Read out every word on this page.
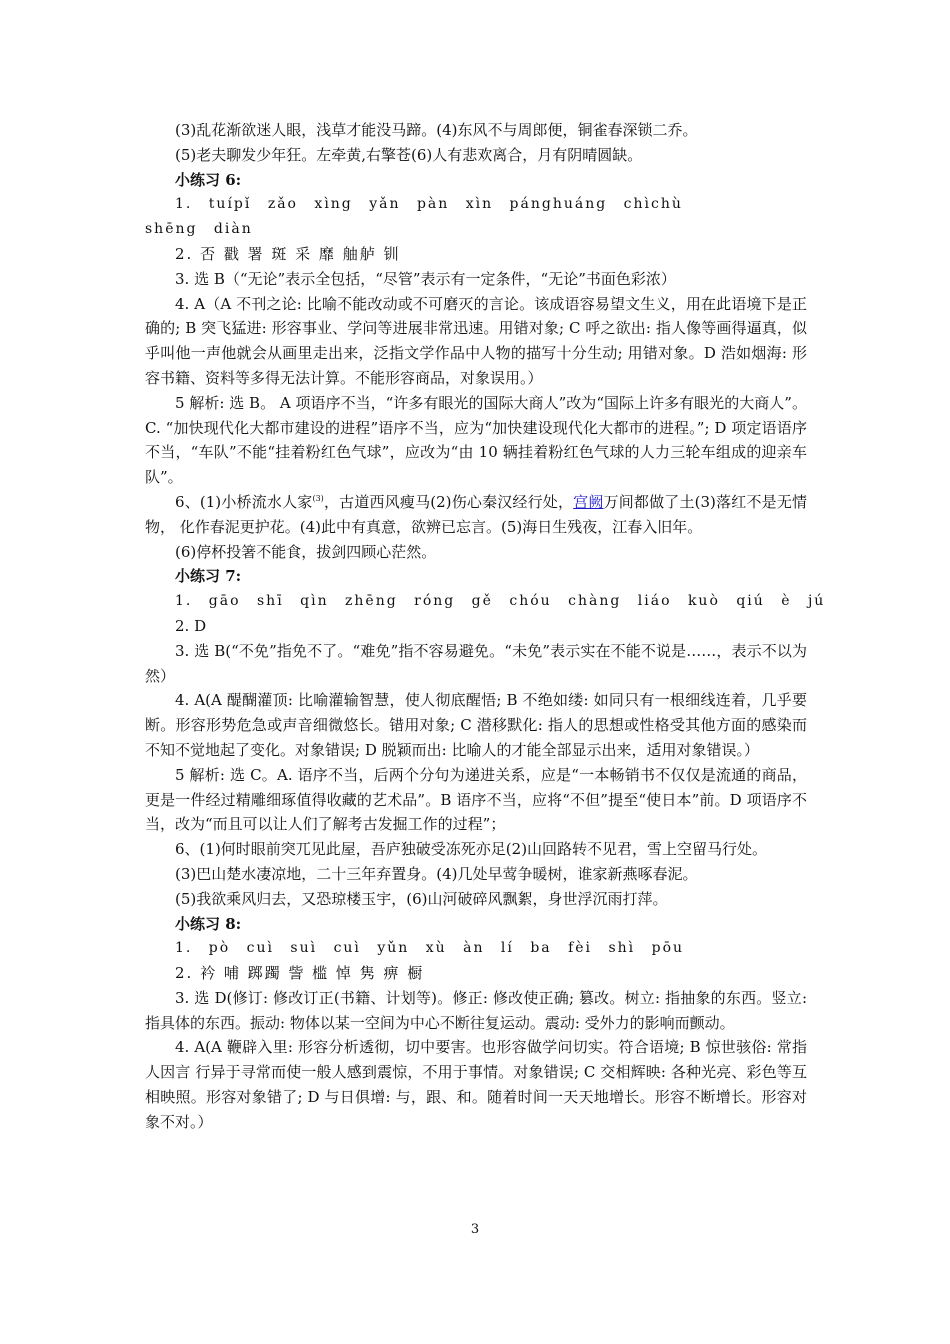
(3)乱花渐欲迷人眼，浅草才能没马蹄。(4)东风不与周郎便，铜雀春深锁二乔。
(5)老夫聊发少年狂。左牵黄,右擎苍(6)人有悲欢离合，月有阴晴圆缺。
小练习 6:
1. tuípǐ zǎo xìng yǎn pàn xìn pánghuáng chìchù
shēng diàn
2. 否 戳 署 斑 采 靡 舳舻 钏
3. 选 B（“无论”表示全包括，“尽管”表示有一定条件，“无论”书面色彩浓）
4. A（A 不刊之论: 比喻不能改动或不可磨灭的言论。该成语容易望文生义，用在此语境下是正确的; B 突飞猛进: 形容事业、学问等进展非常迅速。用错对象; C 呼之欲出: 指人像等画得逼真，似乎叫他一声他就会从画里走出来，泛指文学作品中人物的描写十分生动; 用错对象。D 浩如烟海: 形容书籍、资料等多得无法计算。不能形容商品，对象误用。）
5 解析: 选 B。 A 项语序不当，“许多有眼光的国际大商人”改为“国际上许多有眼光的大商人”。C. “加快现代化大都市建设的进程”语序不当，应为“加快建设现代化大都市的进程。”; D 项定语语序不当，“车队”不能“挂着粉红色气球”，应改为“由 10 辆挂着粉红色气球的人力三轮车组成的迎亲车队”。
6、(1)小桥流水人家$^{(3)}$，古道西风瘦马(2)伤心秦汉经行处，宫阙万间都做了土(3)落红不是无情物， 化作春泥更护花。(4)此中有真意，欲辨已忘言。(5)海日生残夜，江春入旧年。
(6)停杯投箸不能食，拔剑四顾心茫然。
小练习 7:
1. gāo shī qìn zhēng róng gě chóu chàng liáo kuò qiú è jú
2. D
3. 选 B(“不免”指免不了。“难免”指不容易避免。“未免”表示实在不能不说是……，表示不以为然）
4. A(A 醍醐灌顶: 比喻灌输智慧，使人彻底醒悟; B 不绝如缕: 如同只有一根细线连着，几乎要断。形容形势危急或声音细微悠长。错用对象; C 潜移默化: 指人的思想或性格受其他方面的感染而不知不觉地起了变化。对象错误; D 脱颖而出: 比喻人的才能全部显示出来，适用对象错误。）
5 解析: 选 C。A. 语序不当，后两个分句为递进关系，应是“一本畅销书不仅仅是流通的商品，更是一件经过精雕细琢值得收藏的艺术品”。B 语序不当，应将“不但”提至“使日本”前。D 项语序不当，改为“而且可以让人们了解考古发掘工作的过程”；
6、(1)何时眼前突兀见此屋，吾庐独破受冻死亦足(2)山回路转不见君，雪上空留马行处。
(3)巴山楚水凄凉地，二十三年弃置身。(4)几处早莺争暖树，谁家新燕啄春泥。
(5)我欲乘风归去，又恐琼楼玉宇，(6)山河破碎风飘絮，身世浮沉雨打萍。
小练习 8:
1. pò cuì suì cuì yǔn xù àn lí ba fèi shì pōu
2. 衿 哺 踯躅 訾 槛 悼 隽 痹 橱
3. 选 D(修订: 修改订正(书籍、计划等)。修正: 修改使正确; 篡改。树立: 指抽象的东西。竖立: 指具体的东西。振动: 物体以某一空间为中心不断往复运动。震动: 受外力的影响而颤动。
4. A(A 鞭辟入里: 形容分析透彻，切中要害。也形容做学问切实。符合语境; B 惊世骇俗: 常指人因言 行异于寻常而使一般人感到震惊，不用于事情。对象错误; C 交相辉映: 各种光亮、彩色等互相映照。形容对象错了; D 与日俱增: 与，跟、和。随着时间一天天地增长。形容不断增长。形容对象不对。）
3
